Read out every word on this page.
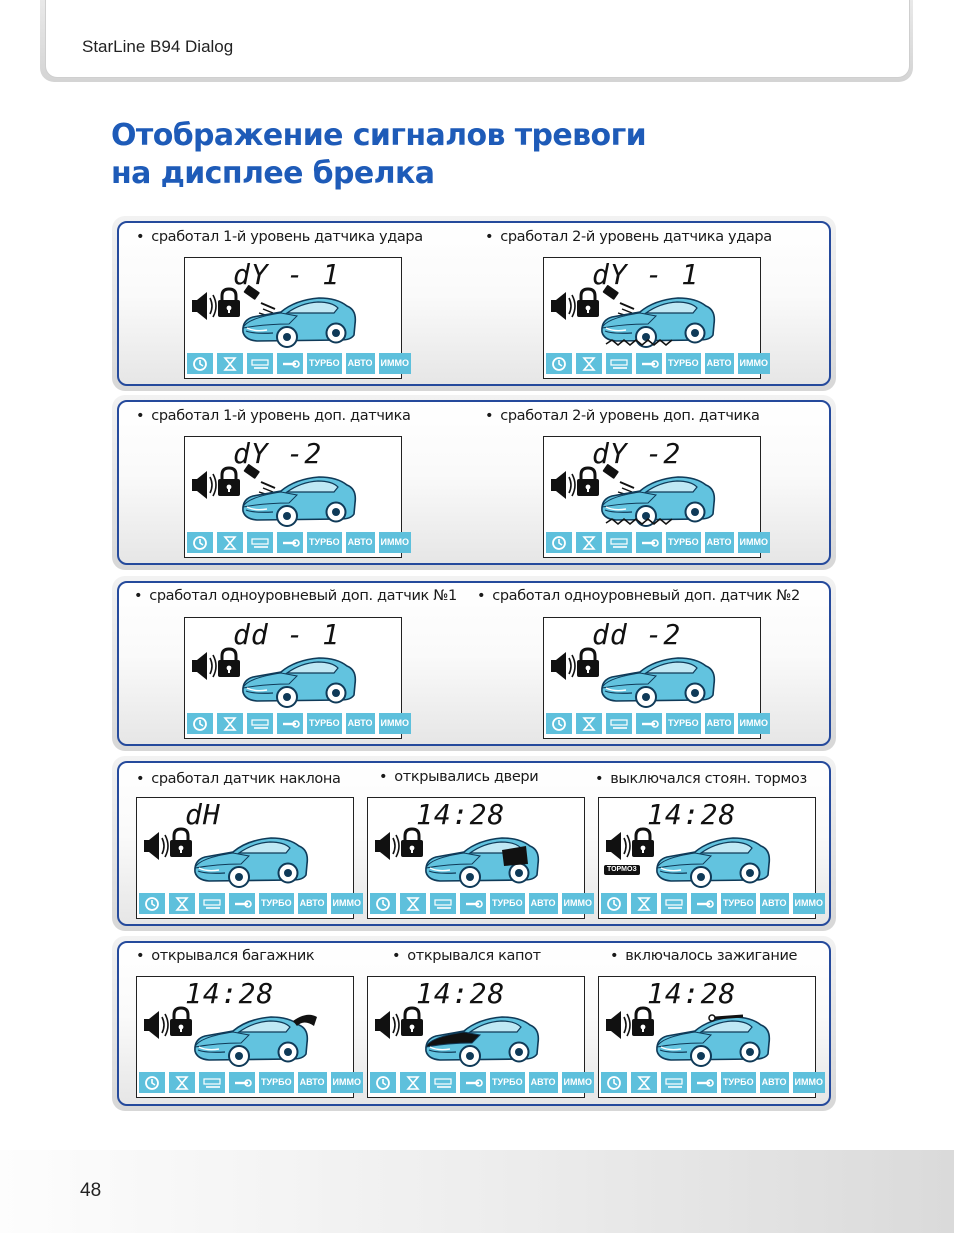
StarLine B94 Dialog
Отображение сигналов тревоги
на дисплее брелка
• сработал 1-й уровень датчика удара	• сработал 2-й уровень датчика удара
dY - 1
ТУРБО АВТО ИММО
dY - 1
ТУРБО АВТО ИММО
• сработал 1-й уровень доп. датчика	• сработал 2-й уровень доп. датчика
dY -2
ТУРБО АВТО ИММО
dY -2
ТУРБО АВТО ИММО
• сработал одноуровневый доп. датчик №1 • сработал одноуровневый доп. датчик №2
dd - 1
ТУРБО АВТО ИММО
dd -2
ТУРБО АВТО ИММО
• сработал датчик наклона	• открывались двери	• выключался стоян. тормоз
dH
ТУРБО АВТО ИММО
14:28
ТУРБО АВТО ИММО
14:28
ТОРМОЗ
ТУРБО АВТО ИММО
• открывался багажник	• открывался капот	• включалось зажигание
14:28
ТУРБО АВТО ИММО
14:28
ТУРБО АВТО ИММО
14:28
ТУРБО АВТО ИММО
48
